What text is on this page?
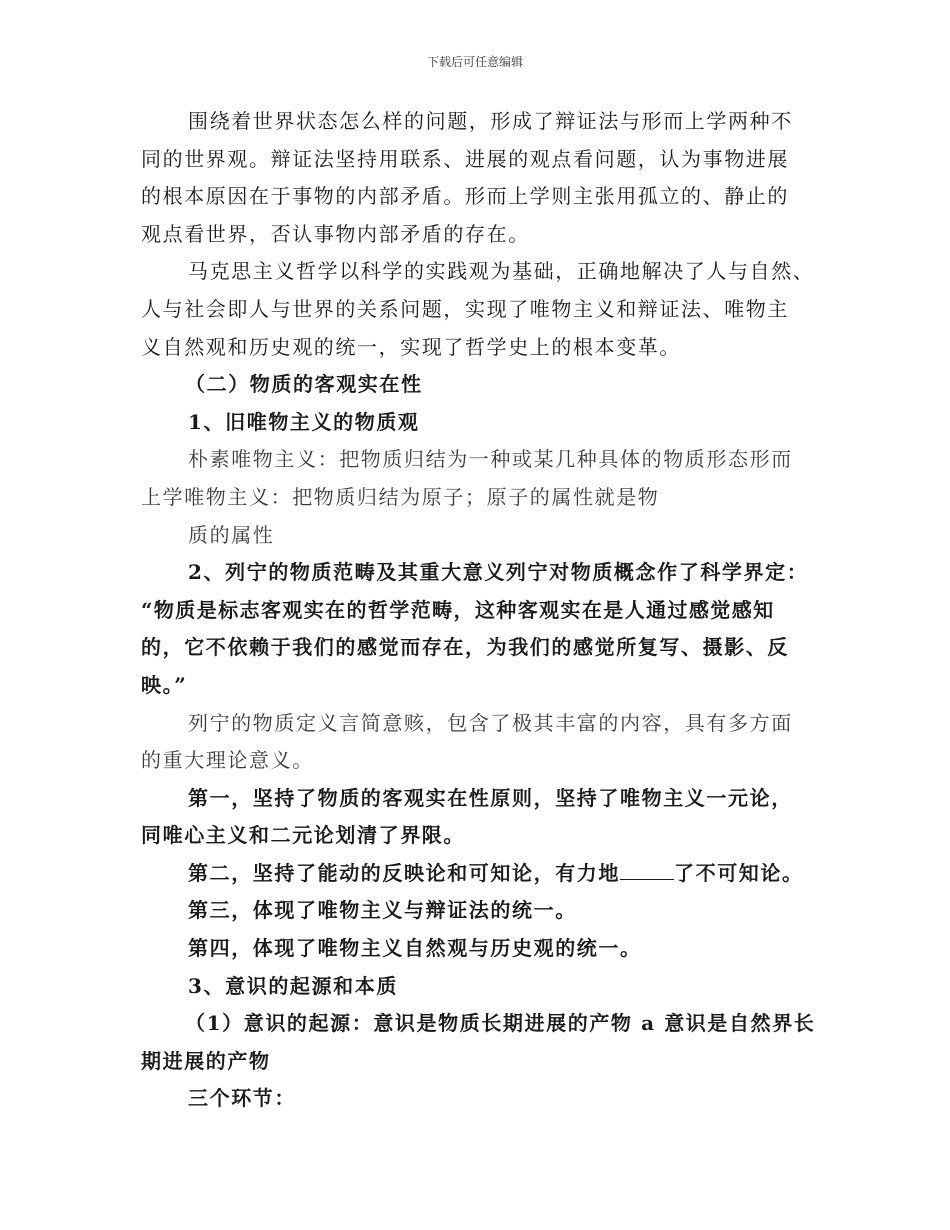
下载后可任意编辑

围绕着世界状态怎么样的问题，形成了辩证法与形而上学两种不

同的世界观。辩证法坚持用联系、进展的观点看问题，认为事物进展

的根本原因在于事物的内部矛盾。形而上学则主张用孤立的、静止的

观点看世界，否认事物内部矛盾的存在。

马克思主义哲学以科学的实践观为基础，正确地解决了人与自然、

人与社会即人与世界的关系问题，实现了唯物主义和辩证法、唯物主

义自然观和历史观的统一，实现了哲学史上的根本变革。

（二）物质的客观实在性

1、旧唯物主义的物质观

朴素唯物主义：把物质归结为一种或某几种具体的物质形态形而

上学唯物主义：把物质归结为原子；原子的属性就是物

质的属性

2、列宁的物质范畴及其重大意义列宁对物质概念作了科学界定：

“物质是标志客观实在的哲学范畴，这种客观实在是人通过感觉感知

的，它不依赖于我们的感觉而存在，为我们的感觉所复写、摄影、反

映。”

列宁的物质定义言简意赅，包含了极其丰富的内容，具有多方面

的重大理论意义。

第一，坚持了物质的客观实在性原则，坚持了唯物主义一元论，

同唯心主义和二元论划清了界限。

第二，坚持了能动的反映论和可知论，有力地	了不可知论。

第三，体现了唯物主义与辩证法的统一。

第四，体现了唯物主义自然观与历史观的统一。

3、意识的起源和本质

（1）意识的起源：意识是物质长期进展的产物 a 意识是自然界长

期进展的产物

三个环节：
